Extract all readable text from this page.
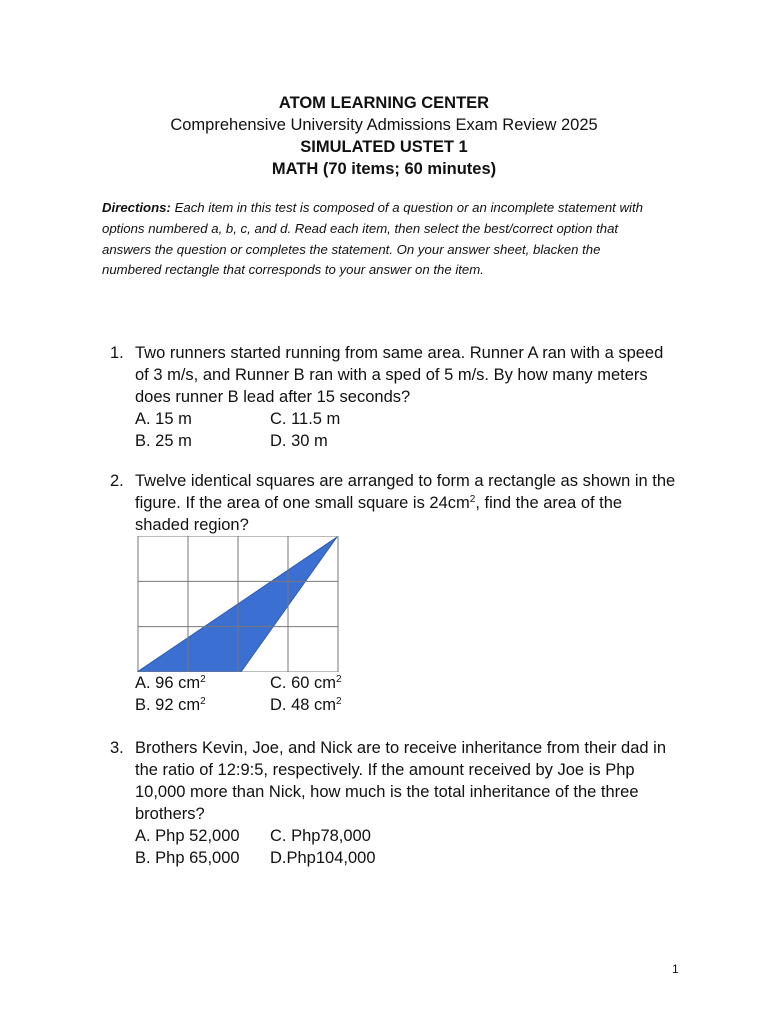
ATOM LEARNING CENTER
Comprehensive University Admissions Exam Review 2025
SIMULATED USTET 1
MATH (70 items; 60 minutes)
Directions: Each item in this test is composed of a question or an incomplete statement with options numbered a, b, c, and d. Read each item, then select the best/correct option that answers the question or completes the statement. On your answer sheet, blacken the numbered rectangle that corresponds to your answer on the item.
1. Two runners started running from same area. Runner A ran with a speed of 3 m/s, and Runner B ran with a sped of 5 m/s. By how many meters does runner B lead after 15 seconds?
A. 15 m	C. 11.5 m
B. 25 m	D. 30 m
2. Twelve identical squares are arranged to form a rectangle as shown in the figure. If the area of one small square is $24cm^2$, find the area of the shaded region?
A. 96 $cm^2$	C. 60 $cm^2$
B. 92 $cm^2$	D. 48 $cm^2$
3. Brothers Kevin, Joe, and Nick are to receive inheritance from their dad in the ratio of 12:9:5, respectively. If the amount received by Joe is Php 10,000 more than Nick, how much is the total inheritance of the three brothers?
A. Php 52,000	C. Php78,000
B. Php 65,000	D.Php104,000
1
